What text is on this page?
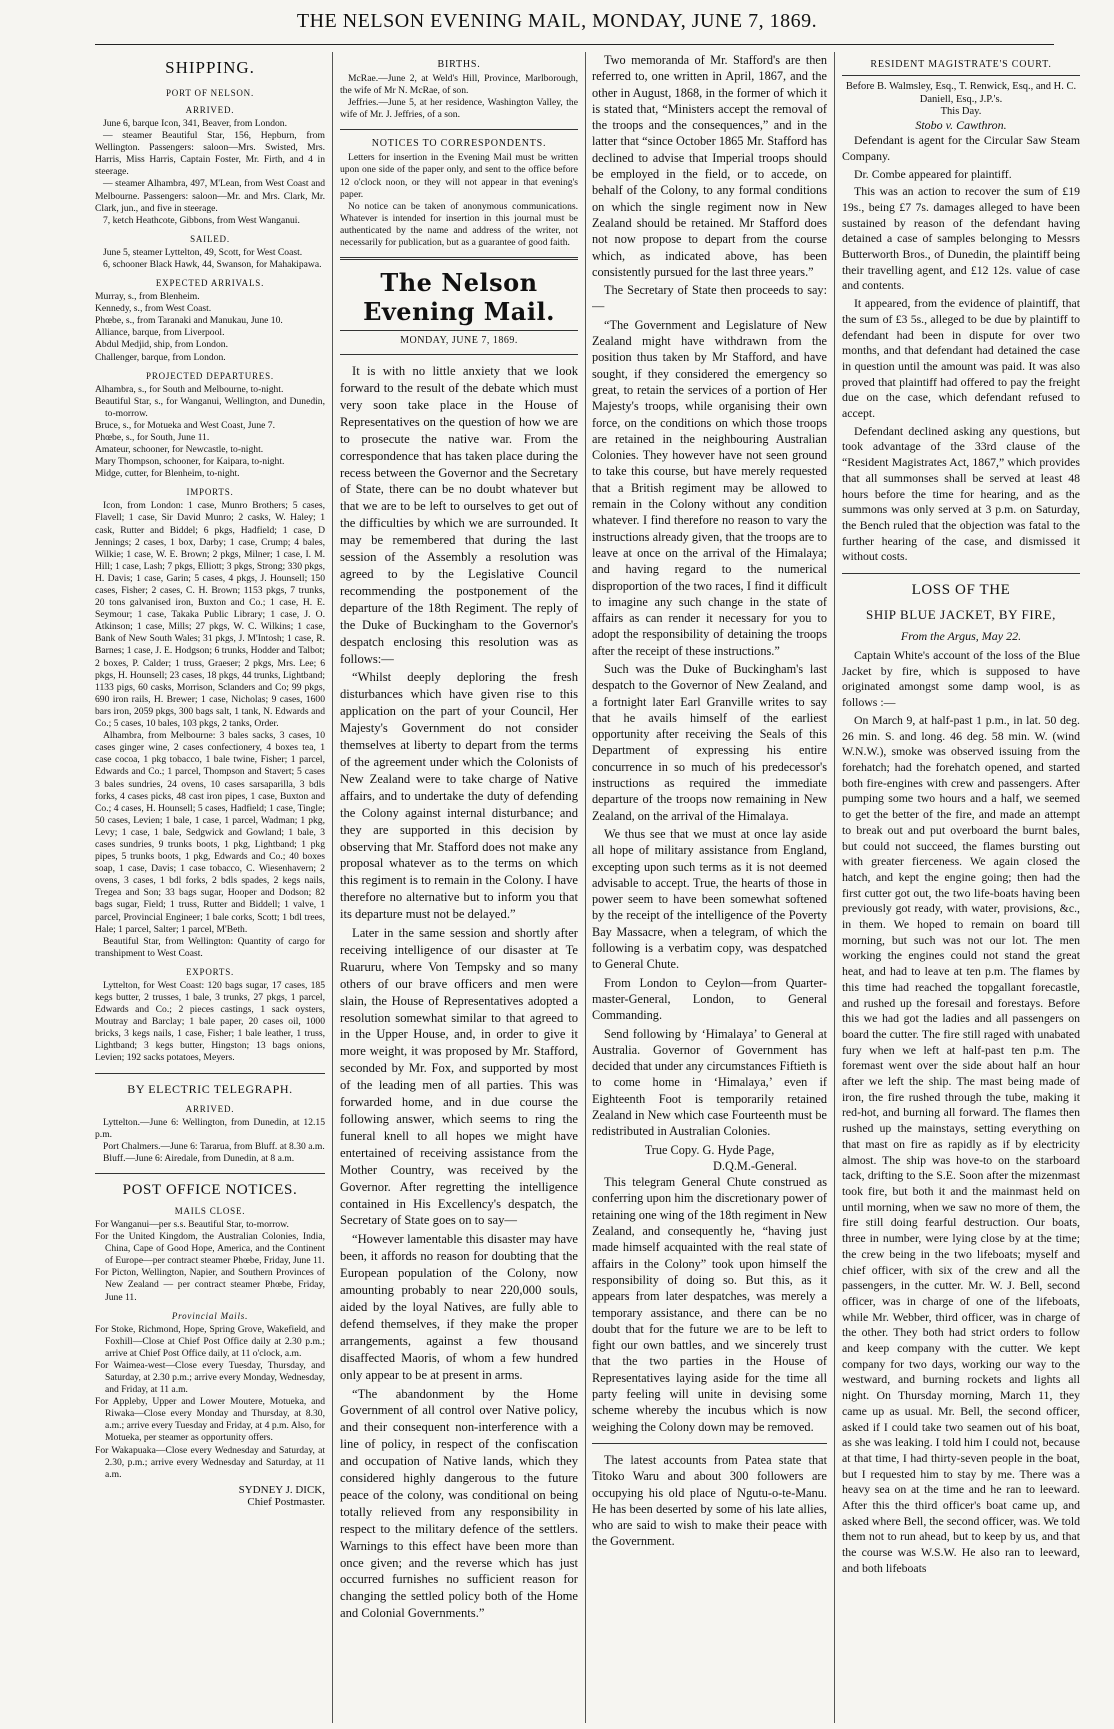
THE NELSON EVENING MAIL, MONDAY, JUNE 7, 1869.
SHIPPING.
PORT OF NELSON.
ARRIVED.

June 6, barque Icon, 341, Beaver, from London.

— steamer Beautiful Star, 156, Hepburn, from Wellington. Passengers: saloon—Mrs. Swisted, Mrs. Harris, Miss Harris, Captain Foster, Mr. Firth, and 4 in steerage.

— steamer Alhambra, 497, M'Lean, from West Coast and Melbourne. Passengers: saloon—Mr. and Mrs. Clark, Mr. Clark, jun., and five in steerage.

7, ketch Heathcote, Gibbons, from West Wanganui.

SAILED.

June 5, steamer Lyttelton, 49, Scott, for West Coast.

6, schooner Black Hawk, 44, Swanson, for Mahakipawa.

EXPECTED ARRIVALS.

Murray, s., from Blenheim.

Kennedy, s., from West Coast.

Phœbe, s., from Taranaki and Manukau, June 10.

Alliance, barque, from Liverpool.

Abdul Medjid, ship, from London.

Challenger, barque, from London.

PROJECTED DEPARTURES.

Alhambra, s., for South and Melbourne, to-night.

Beautiful Star, s., for Wanganui, Wellington, and Dunedin, to-morrow.

Bruce, s., for Motueka and West Coast, June 7.

Phœbe, s., for South, June 11.

Amateur, schooner, for Newcastle, to-night.

Mary Thompson, schooner, for Kaipara, to-night.

Midge, cutter, for Blenheim, to-night.

IMPORTS.

Icon, from London: 1 case, Munro Brothers; 5 cases, Flavell; 1 case, Sir David Munro; 2 casks, W. Haley; 1 cask, Rutter and Biddel; 6 pkgs, Hadfield; 1 case, D Jennings; 2 cases, 1 box, Darby; 1 case, Crump; 4 bales, Wilkie; 1 case, W. E. Brown; 2 pkgs, Milner; 1 case, I. M. Hill; 1 case, Lash; 7 pkgs, Elliott; 3 pkgs, Strong; 330 pkgs, H. Davis; 1 case, Garin; 5 cases, 4 pkgs, J. Hounsell; 150 cases, Fisher; 2 cases, C. H. Brown; 1153 pkgs, 7 trunks, 20 tons galvanised iron, Buxton and Co.; 1 case, H. E. Seymour; 1 case, Takaka Public Library; 1 case, J. O. Atkinson; 1 case, Mills; 27 pkgs, W. C. Wilkins; 1 case, Bank of New South Wales; 31 pkgs, J. M'Intosh; 1 case, R. Barnes; 1 case, J. E. Hodgson; 6 trunks, Hodder and Talbot; 2 boxes, P. Calder; 1 truss, Graeser; 2 pkgs, Mrs. Lee; 6 pkgs, H. Hounsell; 23 cases, 18 pkgs, 44 trunks, Lightband; 1133 pigs, 60 casks, Morrison, Sclanders and Co; 99 pkgs, 690 iron rails, H. Brewer; 1 case, Nicholas; 9 cases, 1600 bars iron, 2059 pkgs, 300 bags salt, 1 tank, N. Edwards and Co.; 5 cases, 10 bales, 103 pkgs, 2 tanks, Order.

Alhambra, from Melbourne: 3 bales sacks, 3 cases, 10 cases ginger wine, 2 cases confectionery, 4 boxes tea, 1 case cocoa, 1 pkg tobacco, 1 bale twine, Fisher; 1 parcel, Edwards and Co.; 1 parcel, Thompson and Stavert; 5 cases 3 bales sundries, 24 ovens, 10 cases sarsaparilla, 3 bdls forks, 4 cases picks, 48 cast iron pipes, 1 case, Buxton and Co.; 4 cases, H. Hounsell; 5 cases, Hadfield; 1 case, Tingle; 50 cases, Levien; 1 bale, 1 case, 1 parcel, Wadman; 1 pkg, Levy; 1 case, 1 bale, Sedgwick and Gowland; 1 bale, 3 cases sundries, 9 trunks boots, 1 pkg, Lightband; 1 pkg pipes, 5 trunks boots, 1 pkg, Edwards and Co.; 40 boxes soap, 1 case, Davis; 1 case tobacco, C. Wiesenhavern; 2 ovens, 3 cases, 1 bdl forks, 2 bdls spades, 2 kegs nails, Tregea and Son; 33 bags sugar, Hooper and Dodson; 82 bags sugar, Field; 1 truss, Rutter and Biddell; 1 valve, 1 parcel, Provincial Engineer; 1 bale corks, Scott; 1 bdl trees, Hale; 1 parcel, Salter; 1 parcel, M'Beth.

Beautiful Star, from Wellington: Quantity of cargo for transhipment to West Coast.

EXPORTS.

Lyttelton, for West Coast: 120 bags sugar, 17 cases, 185 kegs butter, 2 trusses, 1 bale, 3 trunks, 27 pkgs, 1 parcel, Edwards and Co.; 2 pieces castings, 1 sack oysters, Moutray and Barclay; 1 bale paper, 20 cases oil, 1000 bricks, 3 kegs nails, 1 case, Fisher; 1 bale leather, 1 truss, Lightband; 3 kegs butter, Hingston; 13 bags onions, Levien; 192 sacks potatoes, Meyers.

BY ELECTRIC TELEGRAPH.
ARRIVED.

Lyttelton.—June 6: Wellington, from Dunedin, at 12.15 p.m.

Port Chalmers.—June 6: Tararua, from Bluff. at 8.30 a.m.

Bluff.—June 6: Airedale, from Dunedin, at 8 a.m.

POST OFFICE NOTICES.
MAILS CLOSE.

For Wanganui—per s.s. Beautiful Star, to-morrow.

For the United Kingdom, the Australian Colonies, India, China, Cape of Good Hope, America, and the Continent of Europe—per contract steamer Phœbe, Friday, June 11.

For Picton, Wellington, Napier, and Southern Provinces of New Zealand — per contract steamer Phœbe, Friday, June 11.

Provincial Mails.

For Stoke, Richmond, Hope, Spring Grove, Wakefield, and Foxhill—Close at Chief Post Office daily at 2.30 p.m.; arrive at Chief Post Office daily, at 11 o'clock, a.m.

For Waimea-west—Close every Tuesday, Thursday, and Saturday, at 2.30 p.m.; arrive every Monday, Wednesday, and Friday, at 11 a.m.

For Appleby, Upper and Lower Moutere, Motueka, and Riwaka—Close every Monday and Thursday, at 8.30, a.m.; arrive every Tuesday and Friday, at 4 p.m. Also, for Motueka, per steamer as opportunity offers.

For Wakapuaka—Close every Wednesday and Saturday, at 2.30, p.m.; arrive every Wednesday and Saturday, at 11 a.m.

SYDNEY J. DICK,
Chief Postmaster.
BIRTHS.

McRae.—June 2, at Weld's Hill, Province, Marlborough, the wife of Mr N. McRae, of son.

Jeffries.—June 5, at her residence, Washington Valley, the wife of Mr. J. Jeffries, of a son.

NOTICES TO CORRESPONDENTS.

Letters for insertion in the Evening Mail must be written upon one side of the paper only, and sent to the office before 12 o'clock noon, or they will not appear in that evening's paper.

No notice can be taken of anonymous communications. Whatever is intended for insertion in this journal must be authenticated by the name and address of the writer, not necessarily for publication, but as a guarantee of good faith.

The Nelson Evening Mail.
MONDAY, JUNE 7, 1869.

It is with no little anxiety that we look forward to the result of the debate which must very soon take place in the House of Representatives on the question of how we are to prosecute the native war. From the correspondence that has taken place during the recess between the Governor and the Secretary of State, there can be no doubt whatever but that we are to be left to ourselves to get out of the difficulties by which we are surrounded. It may be remembered that during the last session of the Assembly a resolution was agreed to by the Legislative Council recommending the postponement of the departure of the 18th Regiment. The reply of the Duke of Buckingham to the Governor's despatch enclosing this resolution was as follows:—

“Whilst deeply deploring the fresh disturbances which have given rise to this application on the part of your Council, Her Majesty's Government do not consider themselves at liberty to depart from the terms of the agreement under which the Colonists of New Zealand were to take charge of Native affairs, and to undertake the duty of defending the Colony against internal disturbance; and they are supported in this decision by observing that Mr. Stafford does not make any proposal whatever as to the terms on which this regiment is to remain in the Colony. I have therefore no alternative but to inform you that its departure must not be delayed.”

Later in the same session and shortly after receiving intelligence of our disaster at Te Ruaruru, where Von Tempsky and so many others of our brave officers and men were slain, the House of Representatives adopted a resolution somewhat similar to that agreed to in the Upper House, and, in order to give it more weight, it was proposed by Mr. Stafford, seconded by Mr. Fox, and supported by most of the leading men of all parties. This was forwarded home, and in due course the following answer, which seems to ring the funeral knell to all hopes we might have entertained of receiving assistance from the Mother Country, was received by the Governor. After regretting the intelligence contained in His Excellency's despatch, the Secretary of State goes on to say—

“However lamentable this disaster may have been, it affords no reason for doubting that the European population of the Colony, now amounting probably to near 220,000 souls, aided by the loyal Natives, are fully able to defend themselves, if they make the proper arrangements, against a few thousand disaffected Maoris, of whom a few hundred only appear to be at present in arms.

“The abandonment by the Home Government of all control over Native policy, and their consequent non-interference with a line of policy, in respect of the confiscation and occupation of Native lands, which they considered highly dangerous to the future peace of the colony, was conditional on being totally relieved from any responsibility in respect to the military defence of the settlers. Warnings to this effect have been more than once given; and the reverse which has just occurred furnishes no sufficient reason for changing the settled policy both of the Home and Colonial Governments.”

Two memoranda of Mr. Stafford's are then referred to, one written in April, 1867, and the other in August, 1868, in the former of which it is stated that, “Ministers accept the removal of the troops and the consequences,” and in the latter that “since October 1865 Mr. Stafford has declined to advise that Imperial troops should be employed in the field, or to accede, on behalf of the Colony, to any formal conditions on which the single regiment now in New Zealand should be retained. Mr Stafford does not now propose to depart from the course which, as indicated above, has been consistently pursued for the last three years.”

The Secretary of State then proceeds to say:—

“The Government and Legislature of New Zealand might have withdrawn from the position thus taken by Mr Stafford, and have sought, if they considered the emergency so great, to retain the services of a portion of Her Majesty's troops, while organising their own force, on the conditions on which those troops are retained in the neighbouring Australian Colonies. They however have not seen ground to take this course, but have merely requested that a British regiment may be allowed to remain in the Colony without any condition whatever. I find therefore no reason to vary the instructions already given, that the troops are to leave at once on the arrival of the Himalaya; and having regard to the numerical disproportion of the two races, I find it difficult to imagine any such change in the state of affairs as can render it necessary for you to adopt the responsibility of detaining the troops after the receipt of these instructions.”

Such was the Duke of Buckingham's last despatch to the Governor of New Zealand, and a fortnight later Earl Granville writes to say that he avails himself of the earliest opportunity after receiving the Seals of this Department of expressing his entire concurrence in so much of his predecessor's instructions as required the immediate departure of the troops now remaining in New Zealand, on the arrival of the Himalaya.

We thus see that we must at once lay aside all hope of military assistance from England, excepting upon such terms as it is not deemed advisable to accept. True, the hearts of those in power seem to have been somewhat softened by the receipt of the intelligence of the Poverty Bay Massacre, when a telegram, of which the following is a verbatim copy, was despatched to General Chute.

From London to Ceylon—from Quarter-master-General, London, to General Commanding.

Send following by ‘Himalaya’ to General at Australia. Governor of Government has decided that under any circumstances Fiftieth is to come home in ‘Himalaya,’ even if Eighteenth Foot is temporarily retained Zealand in New which case Fourteenth must be redistributed in Australian Colonies.

True Copy. G. Hyde Page,
D.Q.M.-General.

This telegram General Chute construed as conferring upon him the discretionary power of retaining one wing of the 18th regiment in New Zealand, and consequently he, “having just made himself acquainted with the real state of affairs in the Colony” took upon himself the responsibility of doing so. But this, as it appears from later despatches, was merely a temporary assistance, and there can be no doubt that for the future we are to be left to fight our own battles, and we sincerely trust that the two parties in the House of Representatives laying aside for the time all party feeling will unite in devising some scheme whereby the incubus which is now weighing the Colony down may be removed.

The latest accounts from Patea state that Titoko Waru and about 300 followers are occupying his old place of Ngutu-o-te-Manu. He has been deserted by some of his late allies, who are said to wish to make their peace with the Government.

RESIDENT MAGISTRATE'S COURT.
Before B. Walmsley, Esq., T. Renwick, Esq., and H. C. Daniell, Esq., J.P.'s.
This Day.
Stobo v. Cawthron.

Defendant is agent for the Circular Saw Steam Company.

Dr. Combe appeared for plaintiff.

This was an action to recover the sum of £19 19s., being £7 7s. damages alleged to have been sustained by reason of the defendant having detained a case of samples belonging to Messrs Butterworth Bros., of Dunedin, the plaintiff being their travelling agent, and £12 12s. value of case and contents.

It appeared, from the evidence of plaintiff, that the sum of £3 5s., alleged to be due by plaintiff to defendant had been in dispute for over two months, and that defendant had detained the case in question until the amount was paid. It was also proved that plaintiff had offered to pay the freight due on the case, which defendant refused to accept.

Defendant declined asking any questions, but took advantage of the 33rd clause of the “Resident Magistrates Act, 1867,” which provides that all summonses shall be served at least 48 hours before the time for hearing, and as the summons was only served at 3 p.m. on Saturday, the Bench ruled that the objection was fatal to the further hearing of the case, and dismissed it without costs.

LOSS OF THE
SHIP BLUE JACKET, BY FIRE,
From the Argus, May 22.

Captain White's account of the loss of the Blue Jacket by fire, which is supposed to have originated amongst some damp wool, is as follows :—

On March 9, at half-past 1 p.m., in lat. 50 deg. 26 min. S. and long. 46 deg. 58 min. W. (wind W.N.W.), smoke was observed issuing from the forehatch; had the forehatch opened, and started both fire-engines with crew and passengers. After pumping some two hours and a half, we seemed to get the better of the fire, and made an attempt to break out and put overboard the burnt bales, but could not succeed, the flames bursting out with greater fierceness. We again closed the hatch, and kept the engine going; then had the first cutter got out, the two life-boats having been previously got ready, with water, provisions, &c., in them. We hoped to remain on board till morning, but such was not our lot. The men working the engines could not stand the great heat, and had to leave at ten p.m. The flames by this time had reached the topgallant forecastle, and rushed up the foresail and forestays. Before this we had got the ladies and all passengers on board the cutter. The fire still raged with unabated fury when we left at half-past ten p.m. The foremast went over the side about half an hour after we left the ship. The mast being made of iron, the fire rushed through the tube, making it red-hot, and burning all forward. The flames then rushed up the mainstays, setting everything on that mast on fire as rapidly as if by electricity almost. The ship was hove-to on the starboard tack, drifting to the S.E. Soon after the mizenmast took fire, but both it and the mainmast held on until morning, when we saw no more of them, the fire still doing fearful destruction. Our boats, three in number, were lying close by at the time; the crew being in the two lifeboats; myself and chief officer, with six of the crew and all the passengers, in the cutter. Mr. W. J. Bell, second officer, was in charge of one of the lifeboats, while Mr. Webber, third officer, was in charge of the other. They both had strict orders to follow and keep company with the cutter. We kept company for two days, working our way to the westward, and burning rockets and lights all night. On Thursday morning, March 11, they came up as usual. Mr. Bell, the second officer, asked if I could take two seamen out of his boat, as she was leaking. I told him I could not, because at that time, I had thirty-seven people in the boat, but I requested him to stay by me. There was a heavy sea on at the time and he ran to leeward. After this the third officer's boat came up, and asked where Bell, the second officer, was. We told them not to run ahead, but to keep by us, and that the course was W.S.W. He also ran to leeward, and both lifeboats
